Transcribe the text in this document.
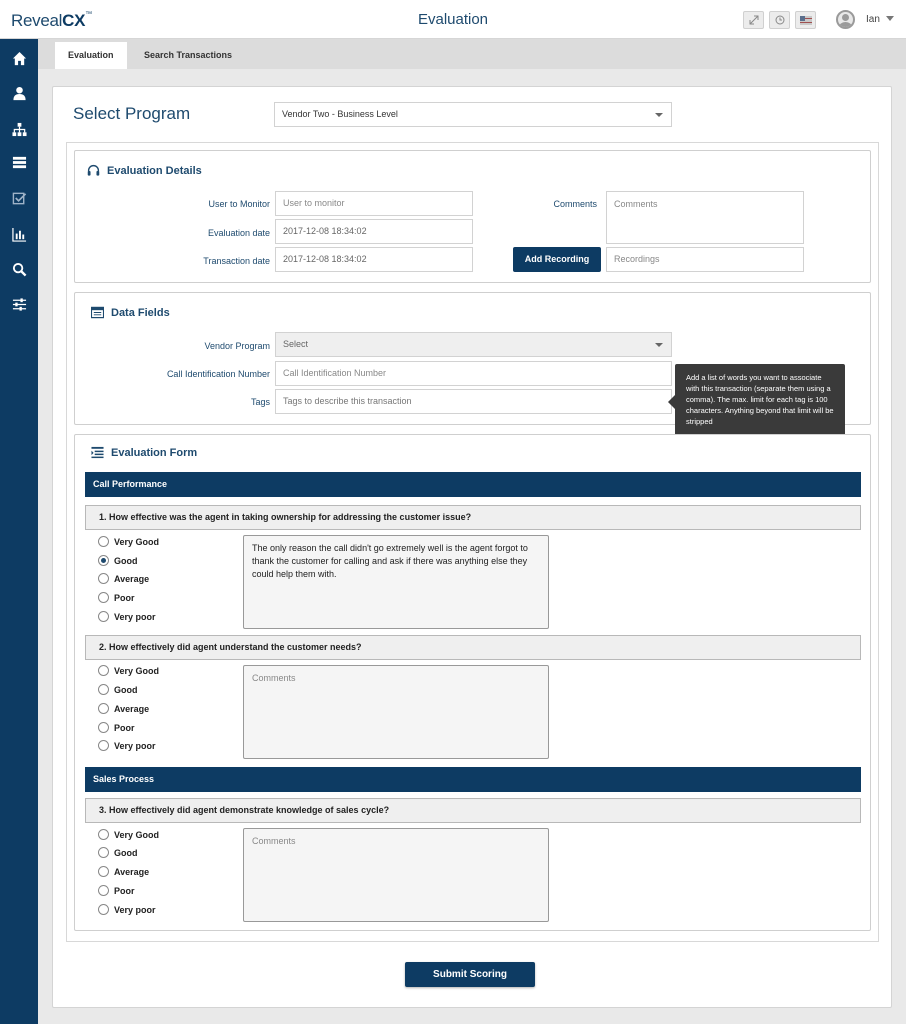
RevealCX™	Evaluation	Ian
Evaluation	Search Transactions
Select Program	Vendor Two - Business Level
Evaluation Details
User to Monitor	User to monitor
Evaluation date	2017-12-08 18:34:02
Transaction date	2017-12-08 18:34:02
Comments	Comments
Add Recording	Recordings
Data Fields
Vendor Program	Select
Call Identification Number	Call Identification Number
Tags	Tags to describe this transaction
Add a list of words you want to associate with this transaction (separate them using a comma). The max. limit for each tag is 100 characters. Anything beyond that limit will be stripped
Evaluation Form
Call Performance
1. How effective was the agent in taking ownership for addressing the customer issue?
Very Good
Good
Average
Poor
Very poor
The only reason the call didn't go extremely well is the agent forgot to thank the customer for calling and ask if there was anything else they could help them with.
2. How effectively did agent understand the customer needs?
Very Good
Good
Average
Poor
Very poor
Comments
Sales Process
3. How effectively did agent demonstrate knowledge of sales cycle?
Very Good
Good
Average
Poor
Very poor
Comments
Submit Scoring
